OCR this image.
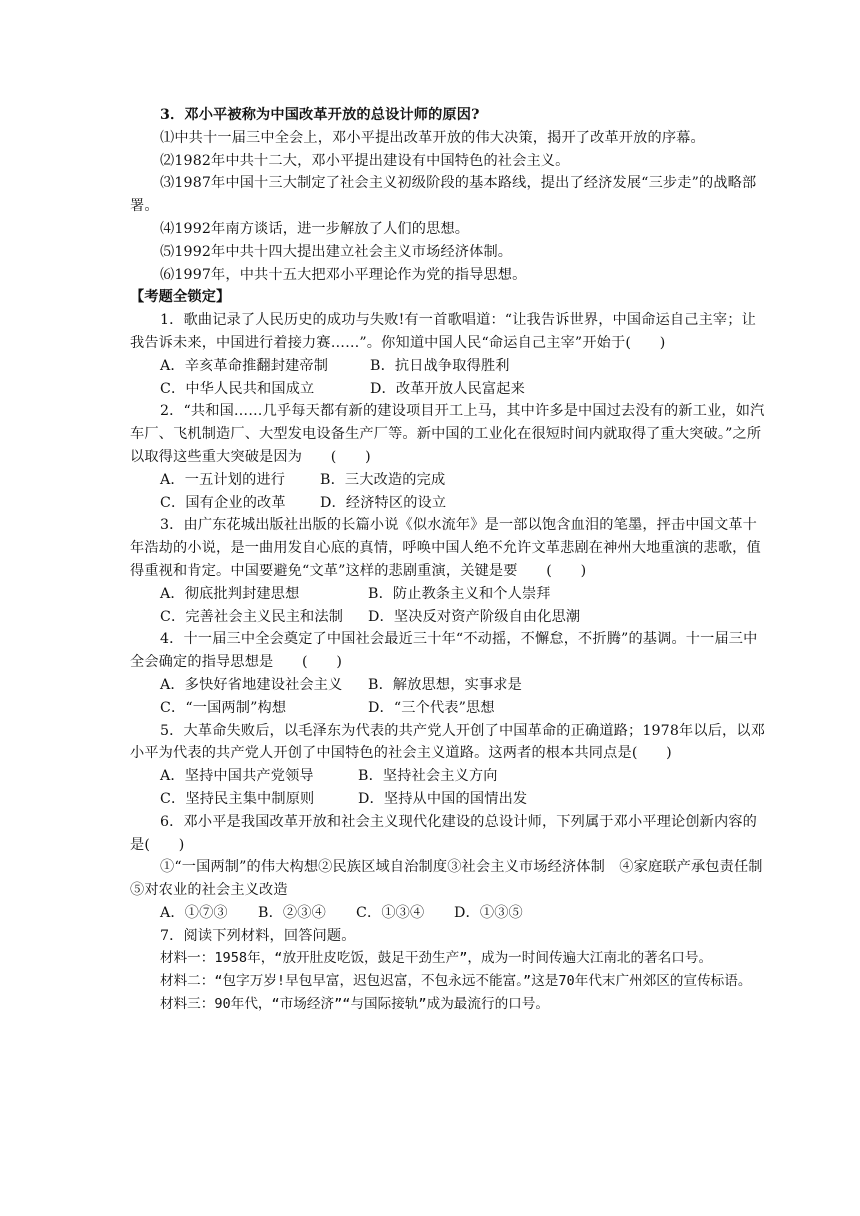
3．邓小平被称为中国改革开放的总设计师的原因?

⑴中共十一届三中全会上，邓小平提出改革开放的伟大决策，揭开了改革开放的序幕。

⑵1982年中共十二大，邓小平提出建设有中国特色的社会主义。

⑶1987年中国十三大制定了社会主义初级阶段的基本路线，提出了经济发展“三步走”的战略部署。

⑷1992年南方谈话，进一步解放了人们的思想。

⑸1992年中共十四大提出建立社会主义市场经济体制。

⑹1997年，中共十五大把邓小平理论作为党的指导思想。

【考题全锁定】

1．歌曲记录了人民历史的成功与失败!有一首歌唱道：“让我告诉世界，中国命运自己主宰；让我告诉未来，中国进行着接力赛……”。你知道中国人民“命运自己主宰”开始于(　　)

A．辛亥革命推翻封建帝制	B．抗日战争取得胜利
C．中华人民共和国成立	D．改革开放人民富起来

2．“共和国……几乎每天都有新的建设项目开工上马，其中许多是中国过去没有的新工业，如汽车厂、飞机制造厂、大型发电设备生产厂等。新中国的工业化在很短时间内就取得了重大突破。”之所以取得这些重大突破是因为　　(　　)

A．一五计划的进行	B．三大改造的完成
C．国有企业的改革	D．经济特区的设立

3．由广东花城出版社出版的长篇小说《似水流年》是一部以饱含血泪的笔墨，抨击中国文革十年浩劫的小说，是一曲用发自心底的真情，呼唤中国人绝不允许文革悲剧在神州大地重演的悲歌，值得重视和肯定。中国要避免“文革”这样的悲剧重演，关键是要　　(　　)

A．彻底批判封建思想	B．防止教条主义和个人崇拜
C．完善社会主义民主和法制	D．坚决反对资产阶级自由化思潮

4．十一届三中全会奠定了中国社会最近三十年“不动摇，不懈怠，不折腾”的基调。十一届三中全会确定的指导思想是　　(　　)

A．多快好省地建设社会主义	B．解放思想，实事求是
C．“一国两制”构想	D．“三个代表”思想

5．大革命失败后，以毛泽东为代表的共产党人开创了中国革命的正确道路；1978年以后，以邓小平为代表的共产党人开创了中国特色的社会主义道路。这两者的根本共同点是(　　)

A．坚持中国共产党领导	B．坚持社会主义方向
C．坚持民主集中制原则	D．坚持从中国的国情出发

6．邓小平是我国改革开放和社会主义现代化建设的总设计师，下列属于邓小平理论创新内容的是(　　)

①“一国两制”的伟大构想②民族区域自治制度③社会主义市场经济体制　④家庭联产承包责任制⑤对农业的社会主义改造

A．①⑦③	B．②③④	C．①③④	D．①③⑤

7．阅读下列材料，回答问题。

材料一：1958年，“放开肚皮吃饭，鼓足干劲生产”，成为一时间传遍大江南北的著名口号。

材料二：“包字万岁!早包早富，迟包迟富，不包永远不能富。”这是70年代末广州郊区的宣传标语。

材料三：90年代，“市场经济”“与国际接轨”成为最流行的口号。
